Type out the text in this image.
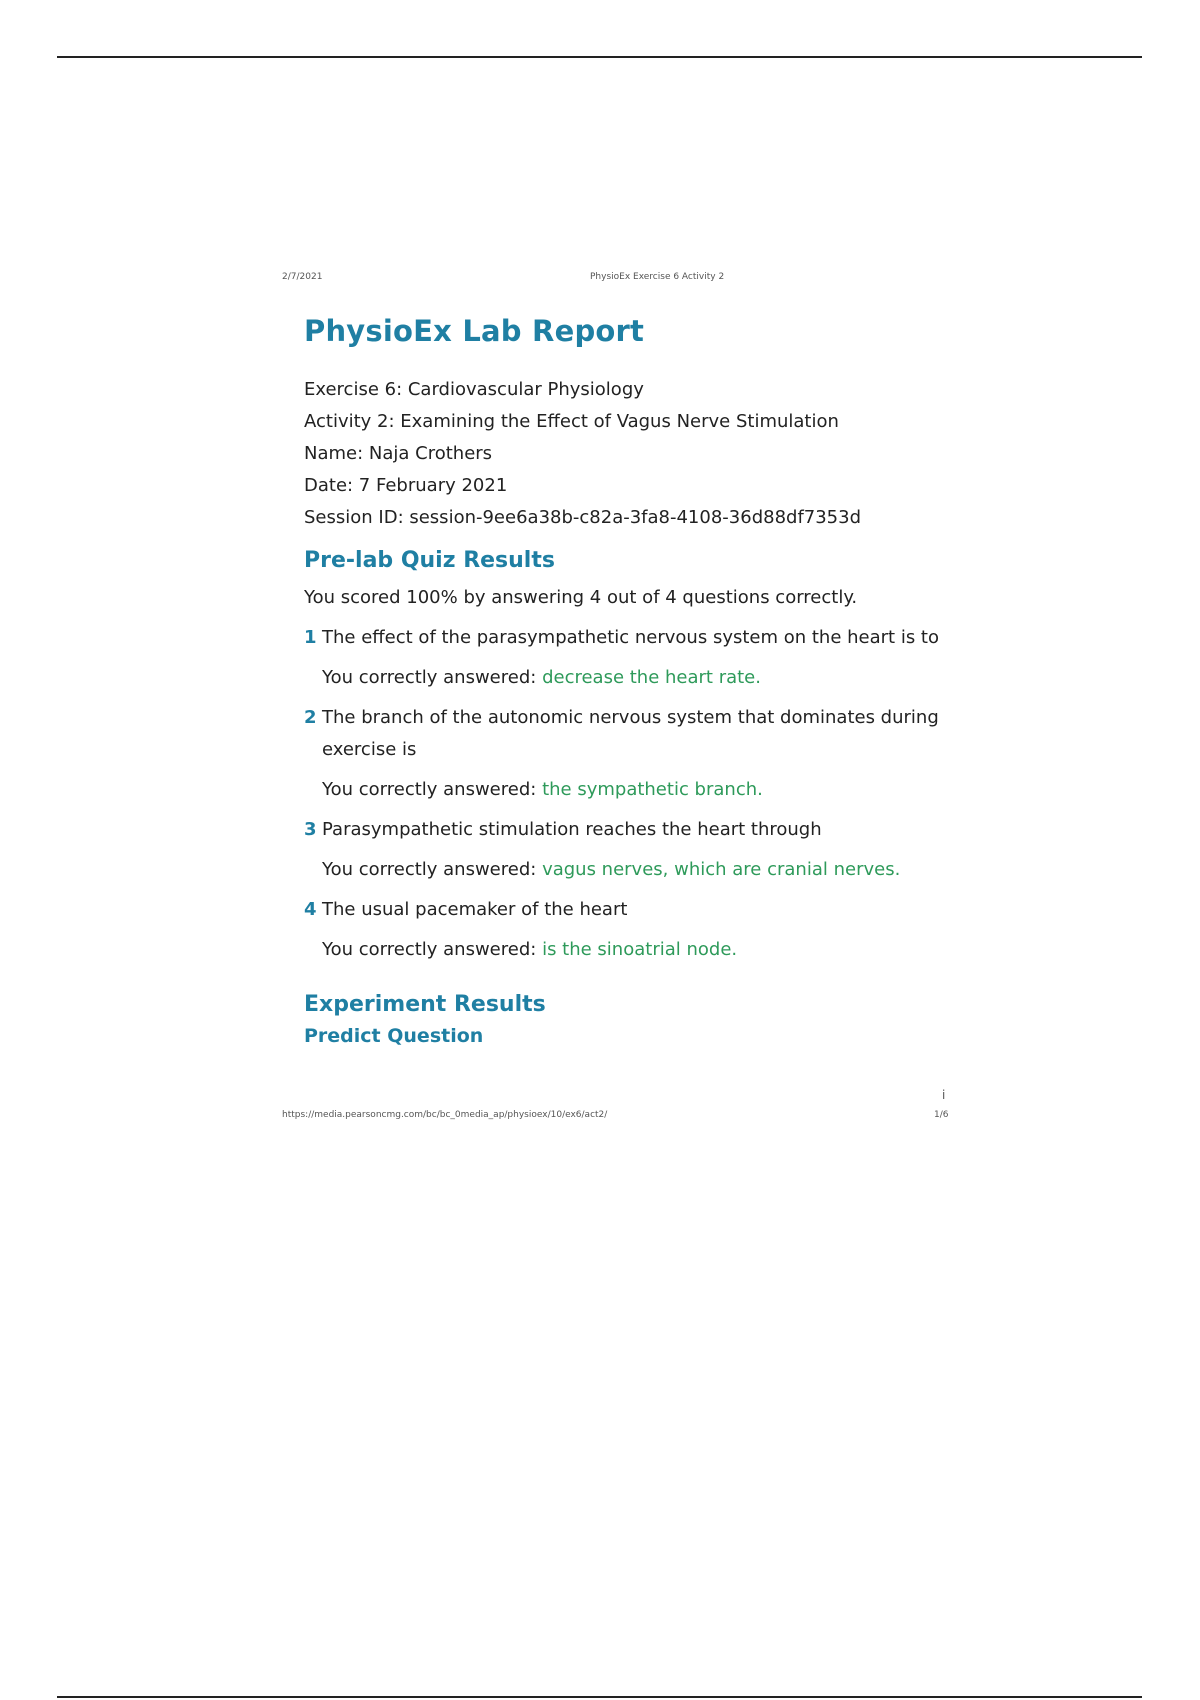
2/7/2021	PhysioEx Exercise 6 Activity 2
PhysioEx Lab Report
Exercise 6: Cardiovascular Physiology
Activity 2: Examining the Effect of Vagus Nerve Stimulation
Name: Naja Crothers
Date: 7 February 2021
Session ID: session-9ee6a38b-c82a-3fa8-4108-36d88df7353d
Pre-lab Quiz Results
You scored 100% by answering 4 out of 4 questions correctly.
1 The effect of the parasympathetic nervous system on the heart is to
You correctly answered: decrease the heart rate.
2 The branch of the autonomic nervous system that dominates during exercise is
You correctly answered: the sympathetic branch.
3 Parasympathetic stimulation reaches the heart through
You correctly answered: vagus nerves, which are cranial nerves.
4 The usual pacemaker of the heart
You correctly answered: is the sinoatrial node.
Experiment Results
Predict Question
i
https://media.pearsoncmg.com/bc/bc_0media_ap/physioex/10/ex6/act2/	1/6
